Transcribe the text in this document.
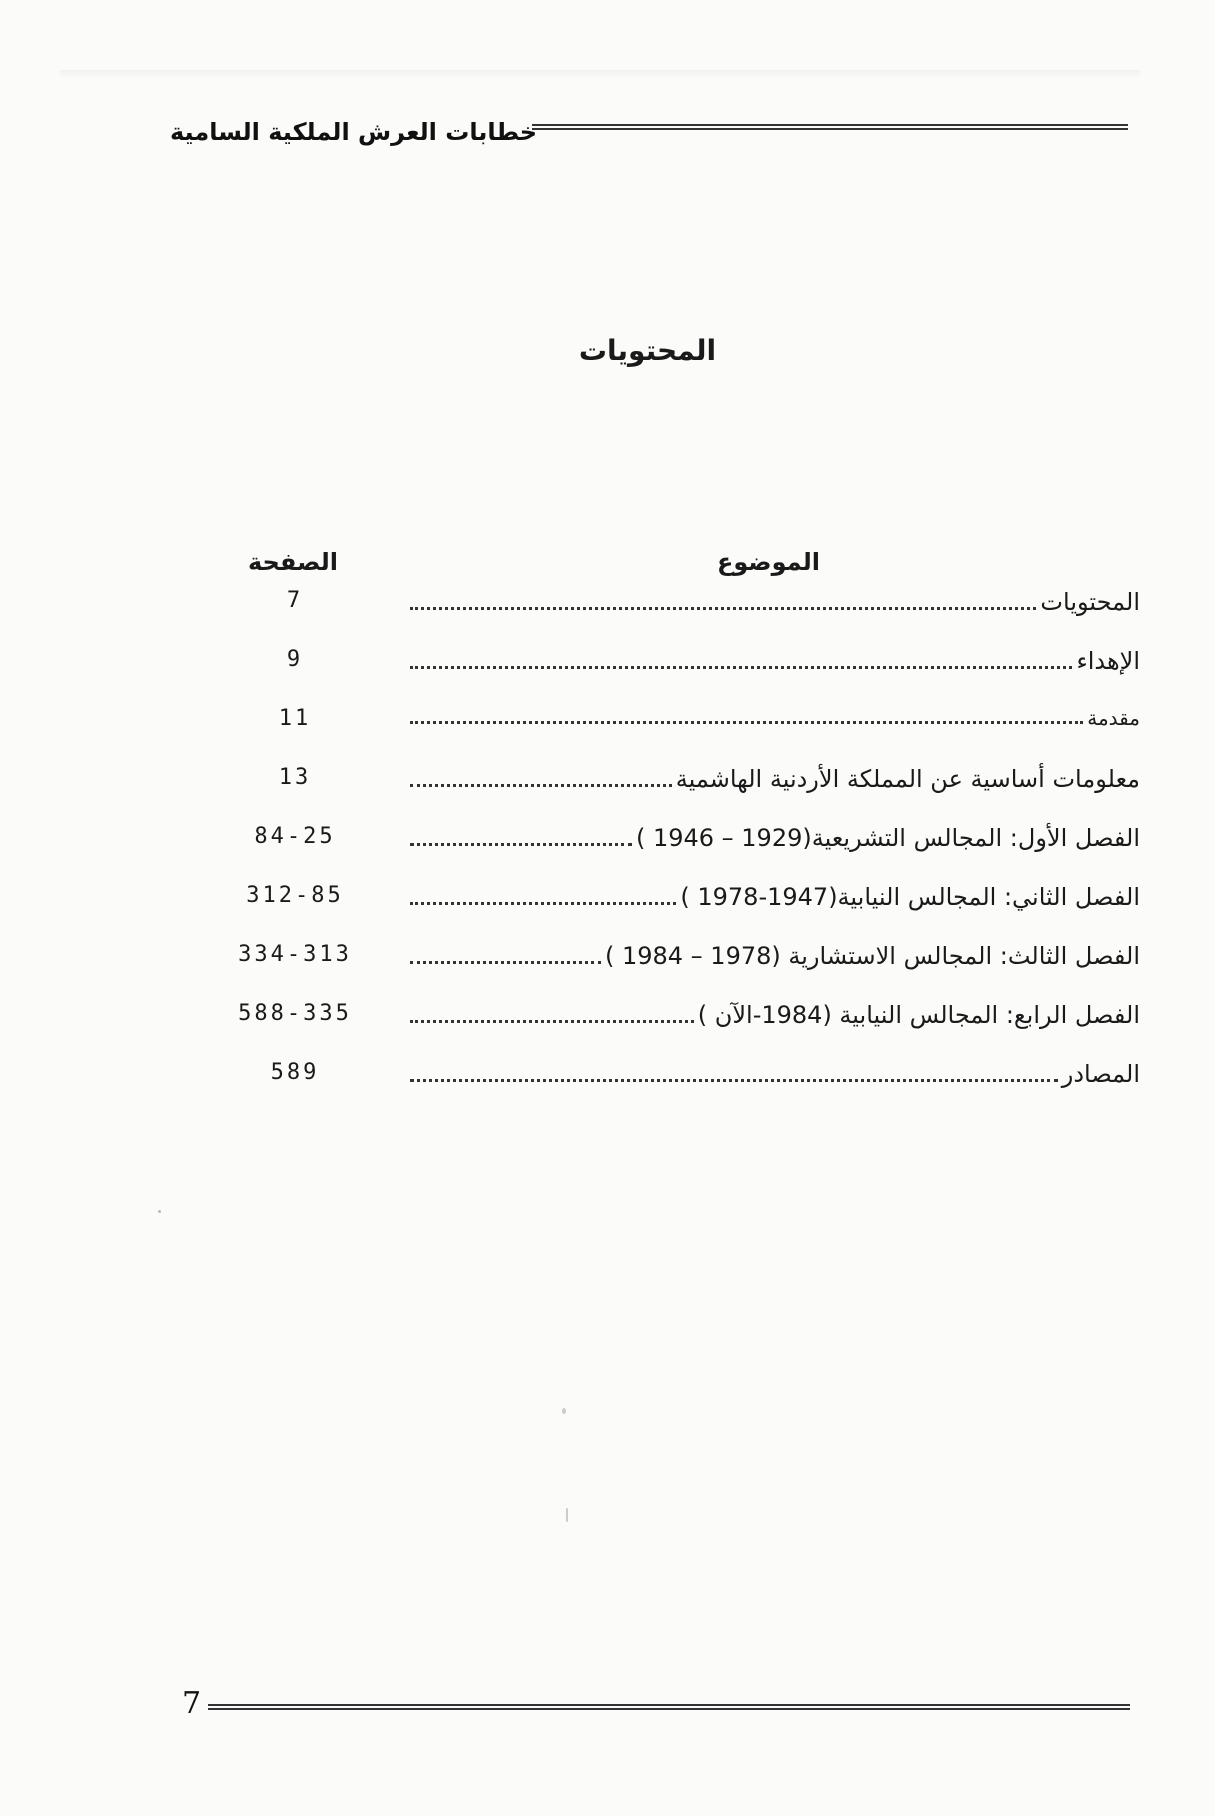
خطابات العرش الملكية السامية
المحتويات
الموضوع
الصفحة
المحتويات
7
الإهداء
9
مقدمة
11
معلومات أساسية عن المملكة الأردنية الهاشمية
13
الفصل الأول: المجالس التشريعية(1929 – 1946 )
84-25
الفصل الثاني: المجالس النيابية(1947-1978 )
312-85
الفصل الثالث: المجالس الاستشارية (1978 – 1984 )
334-313
الفصل الرابع: المجالس النيابية (1984-الآن )
588-335
المصادر
589
7
